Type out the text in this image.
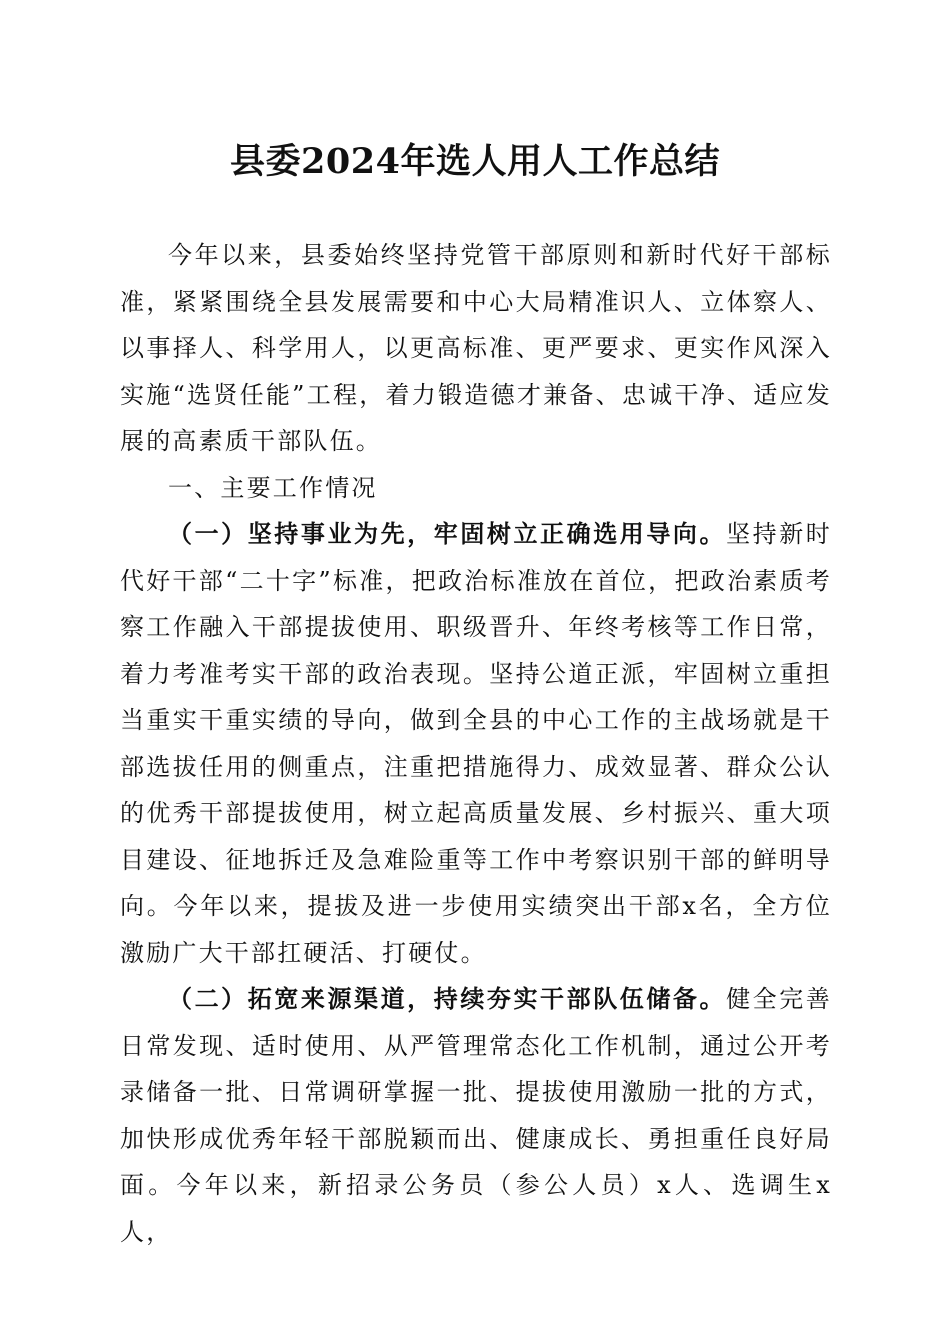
县委2024年选人用人工作总结

今年以来，县委始终坚持党管干部原则和新时代好干部标准，紧紧围绕全县发展需要和中心大局精准识人、立体察人、以事择人、科学用人，以更高标准、更严要求、更实作风深入实施“选贤任能”工程，着力锻造德才兼备、忠诚干净、适应发展的高素质干部队伍。

一、主要工作情况

（一）坚持事业为先，牢固树立正确选用导向。坚持新时代好干部“二十字”标准，把政治标准放在首位，把政治素质考察工作融入干部提拔使用、职级晋升、年终考核等工作日常，着力考准考实干部的政治表现。坚持公道正派，牢固树立重担当重实干重实绩的导向，做到全县的中心工作的主战场就是干部选拔任用的侧重点，注重把措施得力、成效显著、群众公认的优秀干部提拔使用，树立起高质量发展、乡村振兴、重大项目建设、征地拆迁及急难险重等工作中考察识别干部的鲜明导向。今年以来，提拔及进一步使用实绩突出干部x名，全方位激励广大干部扛硬活、打硬仗。

（二）拓宽来源渠道，持续夯实干部队伍储备。健全完善日常发现、适时使用、从严管理常态化工作机制，通过公开考录储备一批、日常调研掌握一批、提拔使用激励一批的方式，加快形成优秀年轻干部脱颖而出、健康成长、勇担重任良好局面。今年以来，新招录公务员（参公人员）x人、选调生x人，
